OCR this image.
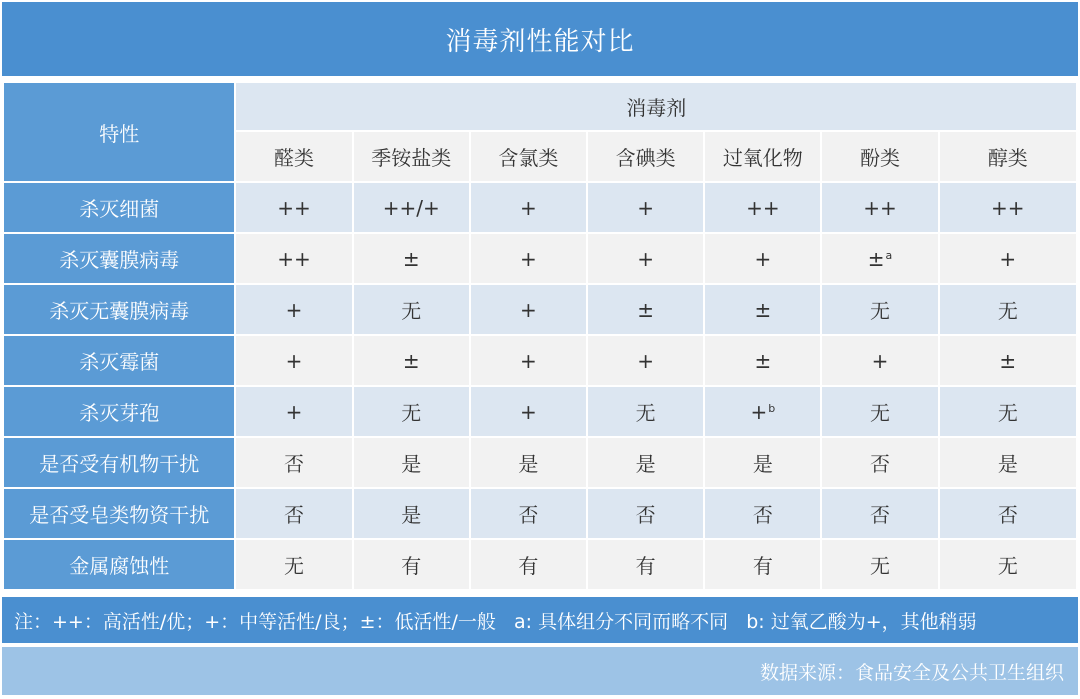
消毒剂性能对比
特性	消毒剂						
	醛类	季铵盐类	含氯类	含碘类	过氧化物	酚类	醇类
杀灭细菌	++	++/+	+	+	++	++	++
杀灭囊膜病毒	++	±	+	+	+	±$^a$	+
杀灭无囊膜病毒	+	无	+	±	±	无	无
杀灭霉菌	+	±	+	+	±	+	±
杀灭芽孢	+	无	+	无	+$^b$	无	无
是否受有机物干扰	否	是	是	是	是	否	是
是否受皂类物资干扰	否	是	否	否	否	否	否
金属腐蚀性	无	有	有	有	有	无	无
注：++：高活性/优；+：中等活性/良；±：低活性/一般   a: 具体组分不同而略不同   b: 过氧乙酸为+，其他稍弱
数据来源：食品安全及公共卫生组织
